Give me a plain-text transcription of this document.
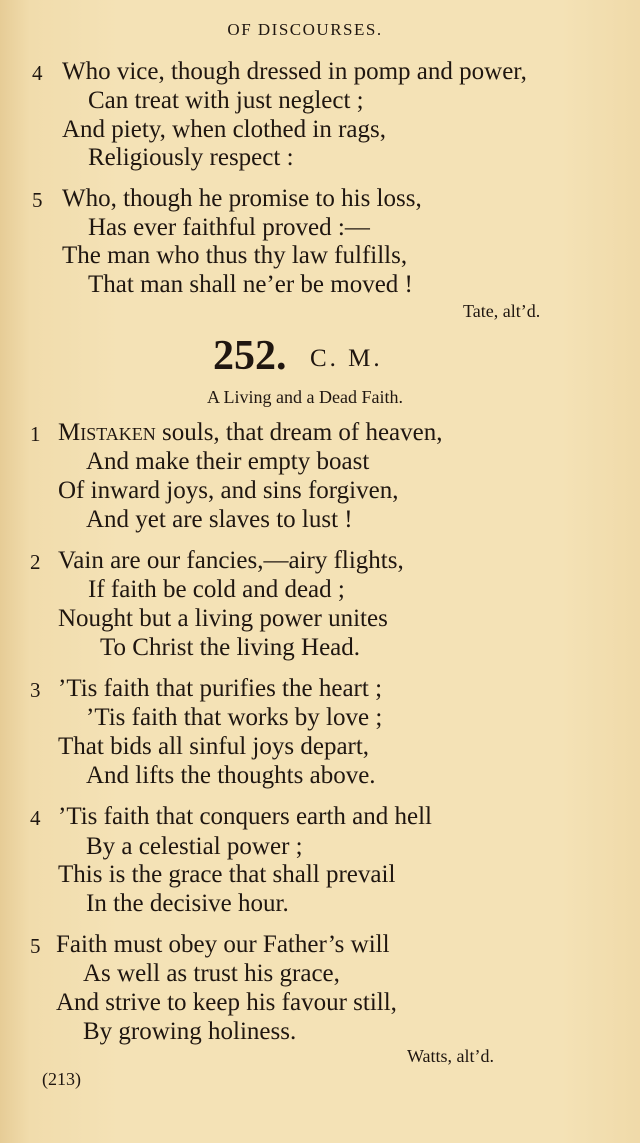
OF DISCOURSES.
4 Who vice, though dressed in pomp and power,
Can treat with just neglect ;
And piety, when clothed in rags,
Religiously respect :
5 Who, though he promise to his loss,
Has ever faithful proved :—
The man who thus thy law fulfills,
That man shall ne’er be moved !
Tate, alt’d.
252. C. M.
A Living and a Dead Faith.
1 Mistaken souls, that dream of heaven,
And make their empty boast
Of inward joys, and sins forgiven,
And yet are slaves to lust !
2 Vain are our fancies,—airy flights,
If faith be cold and dead ;
Nought but a living power unites
To Christ the living Head.
3 ’Tis faith that purifies the heart ;
’Tis faith that works by love ;
That bids all sinful joys depart,
And lifts the thoughts above.
4 ’Tis faith that conquers earth and hell
By a celestial power ;
This is the grace that shall prevail
In the decisive hour.
5 Faith must obey our Father’s will
As well as trust his grace,
And strive to keep his favour still,
By growing holiness.
Watts, alt’d.
(213)
